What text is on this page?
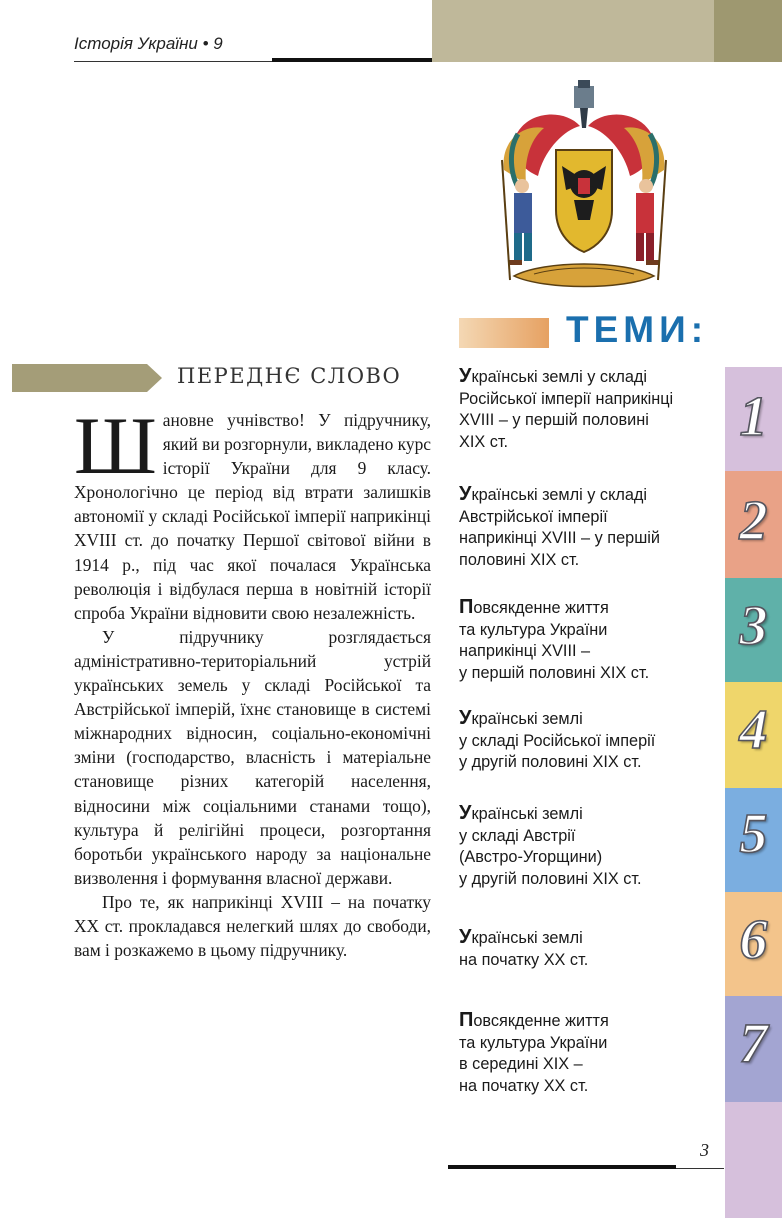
Історія України • 9
ТЕМИ:
ПЕРЕДНЄ СЛОВО

Шановне учнівство! У підручнику, який ви розгорнули, викладено курс історії України для 9 класу. Хронологічно це період від втрати залишків автономії у складі Російської імперії наприкінці XVIII ст. до початку Першої світової війни в 1914 р., під час якої почалася Українська революція і відбулася перша в новітній історії спроба України відновити свою незалежність.

У підручнику розглядається адміністративно-територіальний устрій українських земель у складі Російської та Австрійської імперій, їхнє становище в системі міжнародних відносин, соціально-економічні зміни (господарство, власність і матеріальне становище різних категорій населення, відносини між соціальними станами тощо), культура й релігійні процеси, розгортання боротьби українського народу за національне визволення і формування власної держави.

Про те, як наприкінці XVIII – на початку XX ст. прокладався нелегкий шлях до свободи, вам і розкажемо в цьому підручнику.

Українські землі у складі
Російської імперії наприкінці
XVIII – у першій половині
XIX ст.
Українські землі у складі
Австрійської імперії
наприкінці XVIII – у першій
половині XIX ст.
Повсякденне життя
та культура України
наприкінці XVIII –
у першій половині XIX ст.
Українські землі
у складі Російської імперії
у другій половині XIX ст.
Українські землі
у складі Австрії
(Австро-Угорщини)
у другій половині XIX ст.
Українські землі
на початку XX ст.
Повсякденне життя
та культура України
в середині XIX –
на початку XX ст.
1
2
3
4
5
6
7
3
